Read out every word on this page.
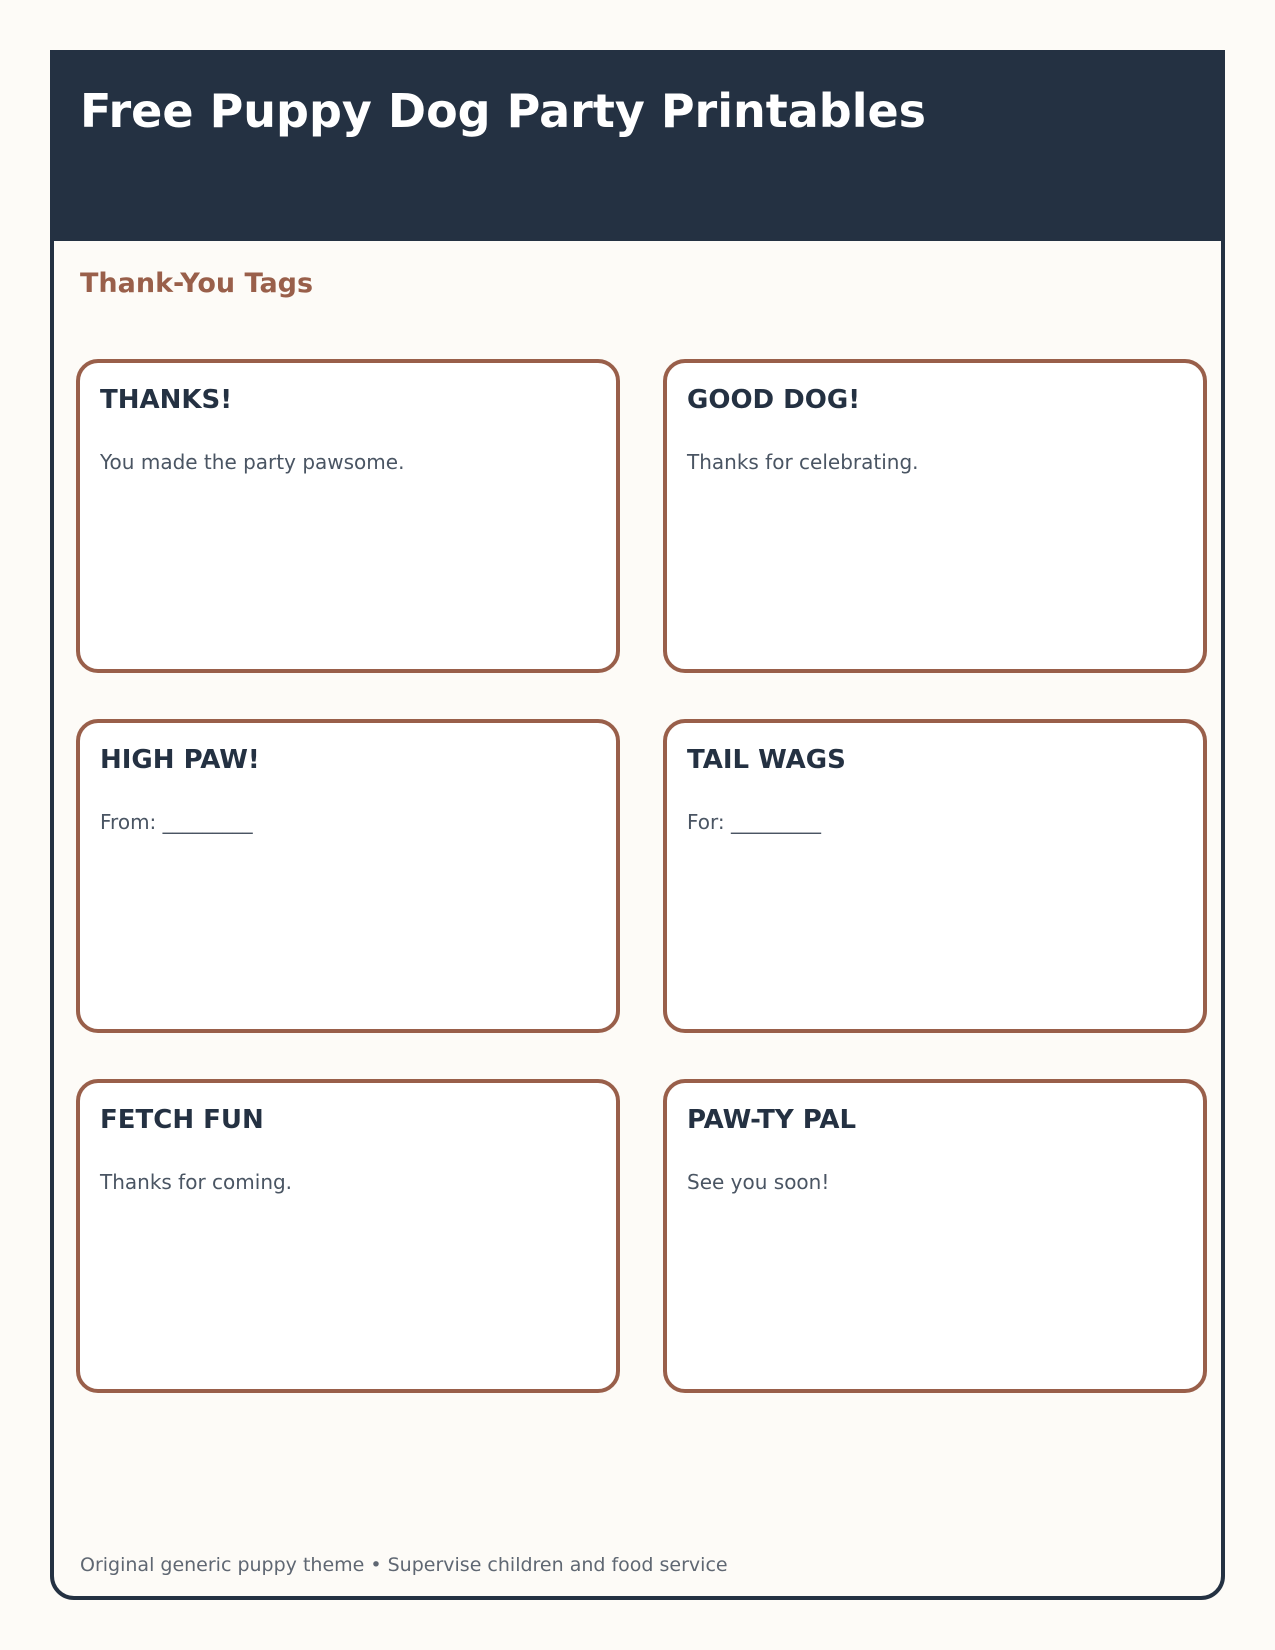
Free Puppy Dog Party Printables
Thank-You Tags
THANKS!

You made the party pawsome.

GOOD DOG!

Thanks for celebrating.

HIGH PAW!

From: _________

TAIL WAGS

For: _________

FETCH FUN

Thanks for coming.

PAW-TY PAL

See you soon!

Original generic puppy theme • Supervise children and food service
